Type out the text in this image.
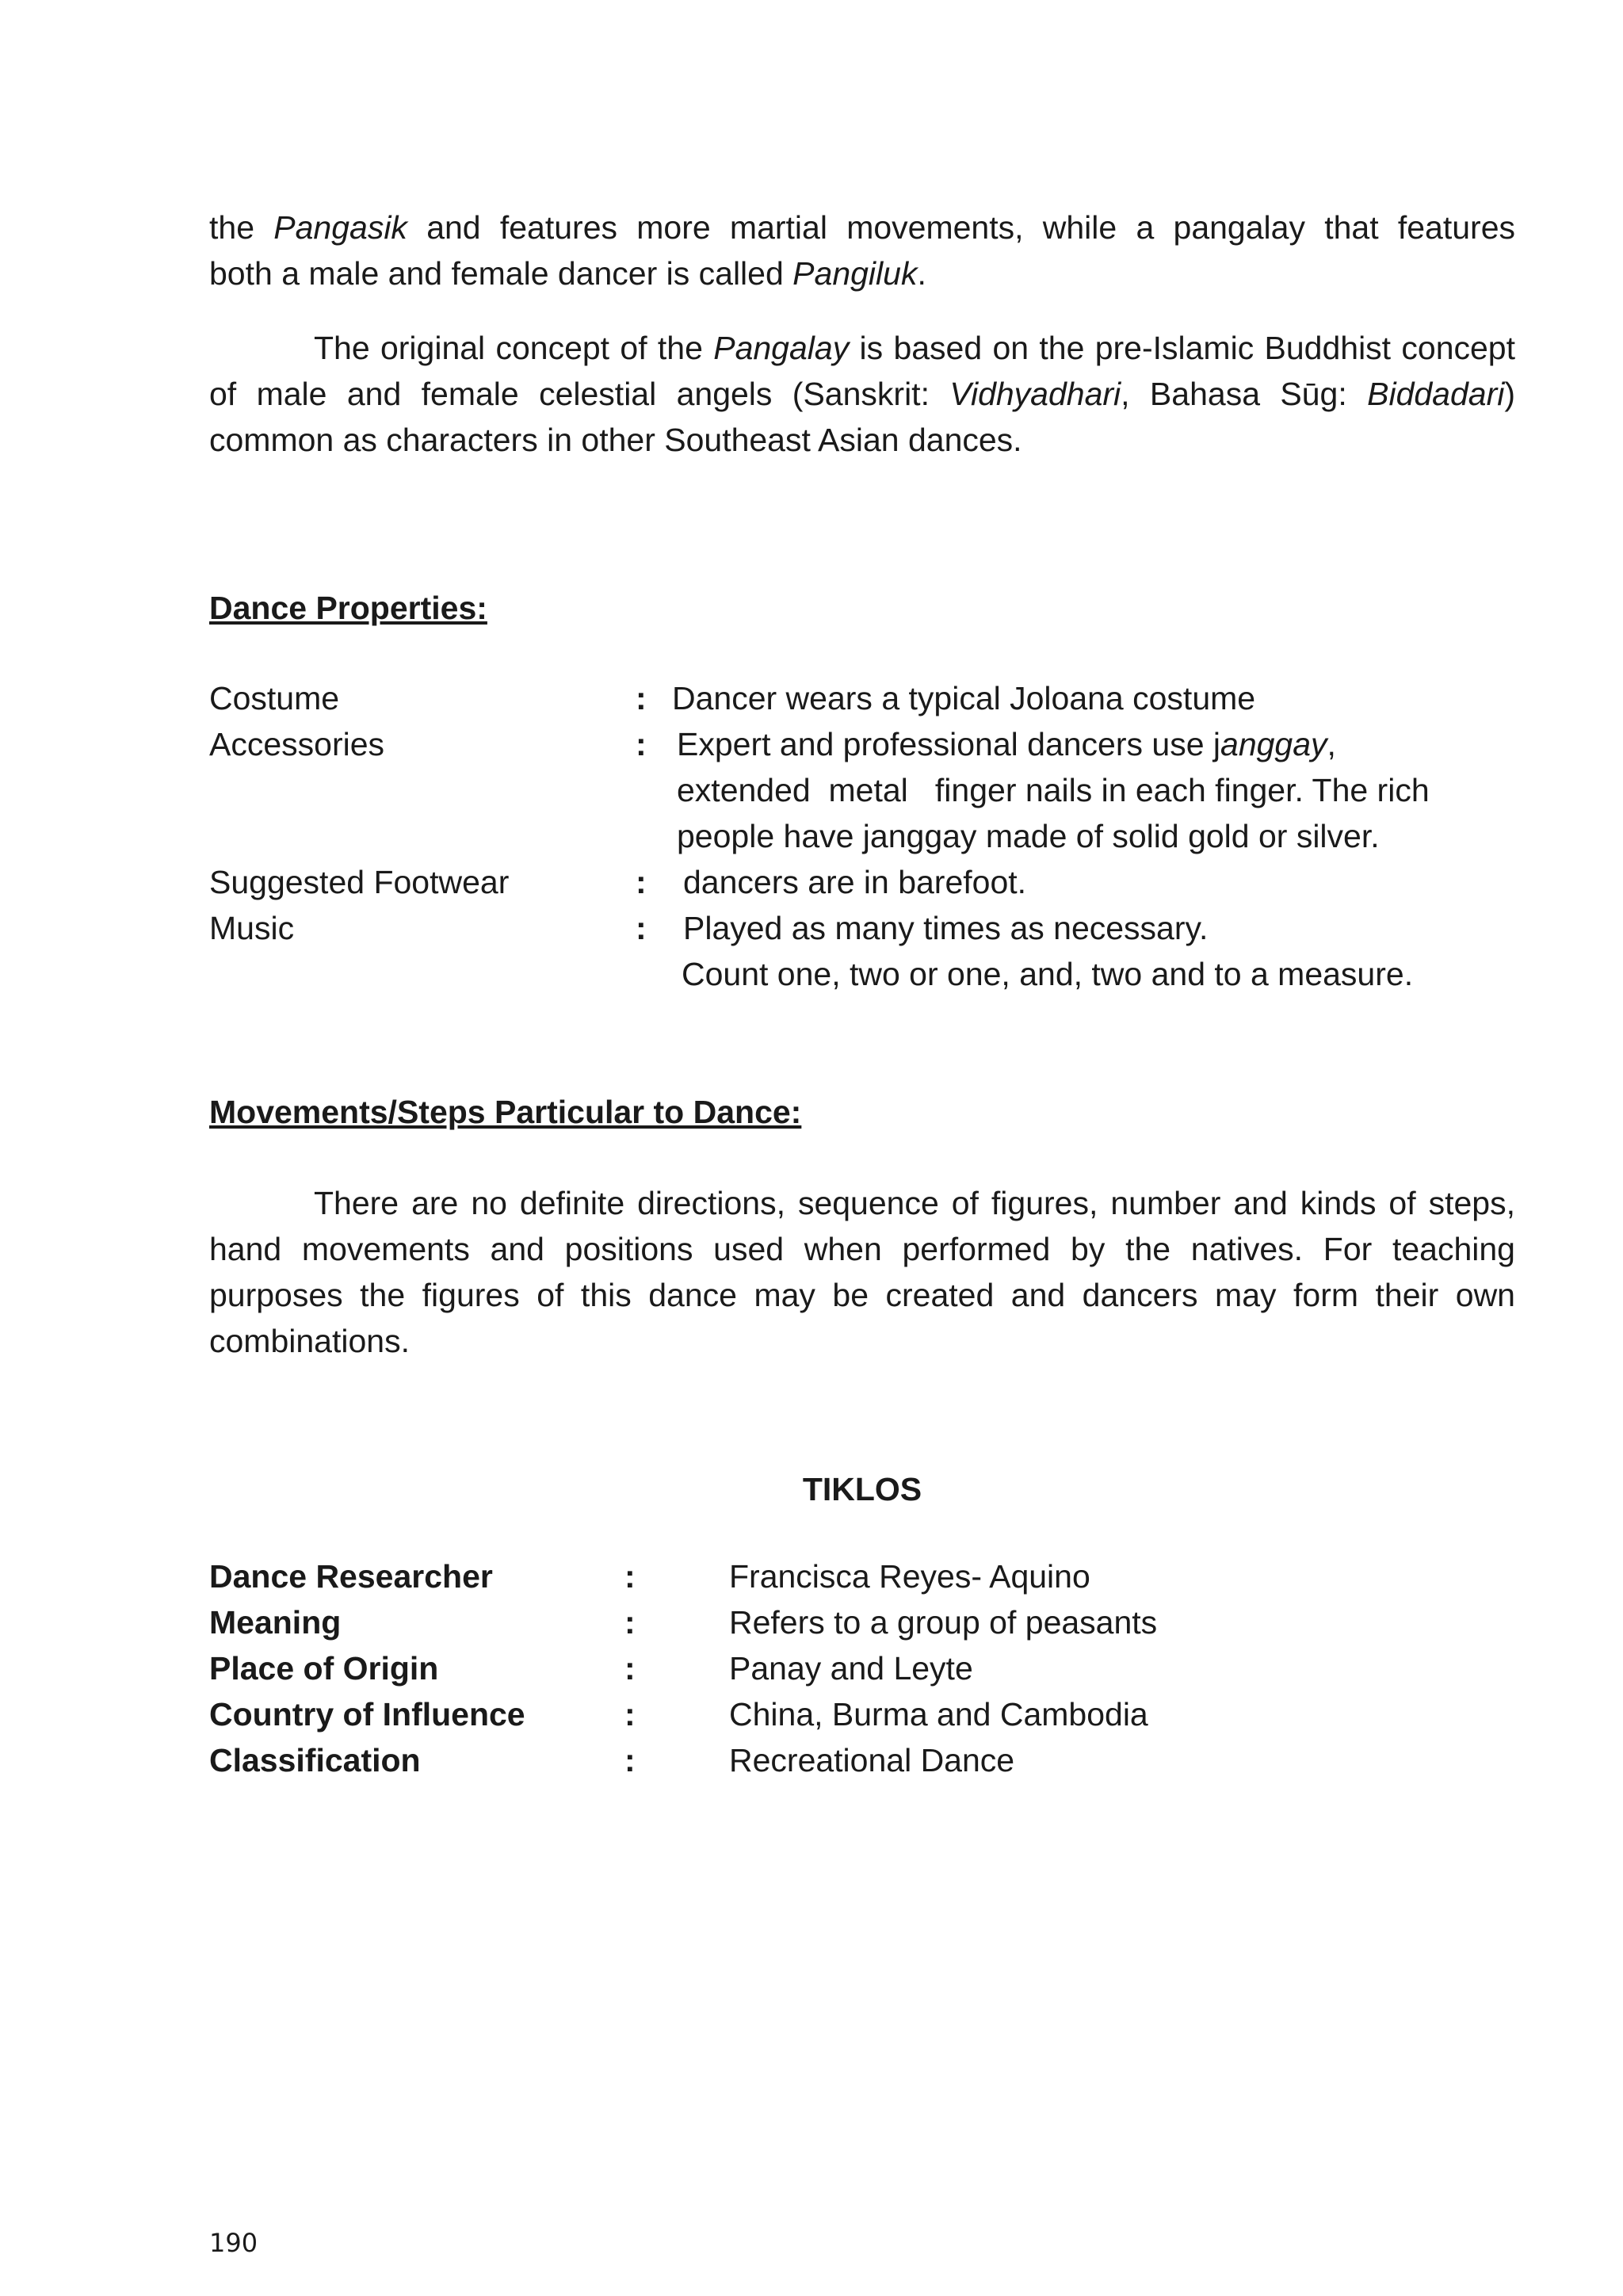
the Pangasik and features more martial movements, while a pangalay that features
both a male and female dancer is called Pangiluk.
The original concept of the Pangalay is based on the pre-Islamic Buddhist concept of male and female celestial angels (Sanskrit: Vidhyadhari, Bahasa Sūg: Biddadari) common as characters in other Southeast Asian dances.
Dance Properties:
Costume	: Dancer wears a typical Joloana costume
Accessories	: Expert and professional dancers use janggay,
extended  metal   finger nails in each finger. The rich
people have janggay made of solid gold or silver.
Suggested Footwear	: dancers are in barefoot.
Music	: Played as many times as necessary.
Count one, two or one, and, two and to a measure.
Movements/Steps Particular to Dance:
There are no definite directions, sequence of figures, number and kinds of steps, hand movements and positions used when performed by the natives. For teaching purposes the figures of this dance may be created and dancers may form their own combinations.
TIKLOS
Dance Researcher	:	Francisca Reyes- Aquino
Meaning	:	Refers to a group of peasants
Place of Origin	:	Panay and Leyte
Country of Influence	:	China, Burma and Cambodia
Classification	:	Recreational Dance
190
